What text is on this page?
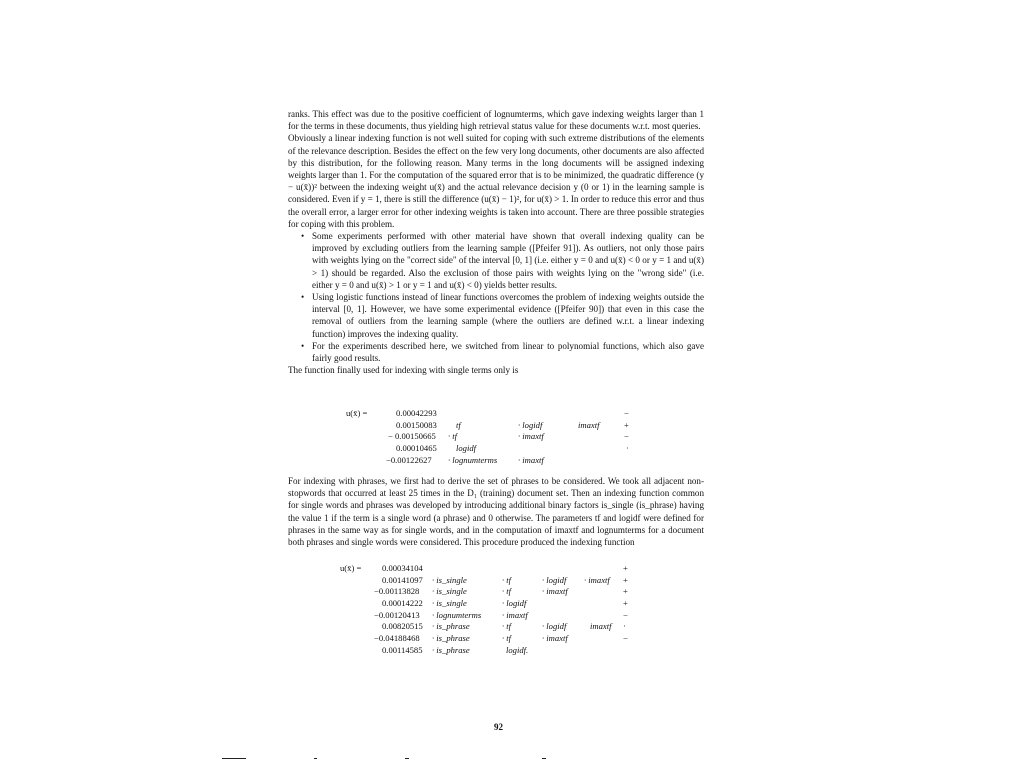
ranks. This effect was due to the positive coefficient of lognumterms, which gave indexing weights larger than 1 for the terms in these documents, thus yielding high retrieval status value for these documents w.r.t. most queries.

Obviously a linear indexing function is not well suited for coping with such extreme distributions of the elements of the relevance description. Besides the effect on the few very long documents, other documents are also affected by this distribution, for the following reason. Many terms in the long documents will be assigned indexing weights larger than 1. For the computation of the squared error that is to be minimized, the quadratic difference (y − u(x̄))² between the indexing weight u(x̄) and the actual relevance decision y (0 or 1) in the learning sample is considered. Even if y = 1, there is still the difference (u(x̄) − 1)², for u(x̄) > 1. In order to reduce this error and thus the overall error, a larger error for other indexing weights is taken into account. There are three possible strategies for coping with this problem.

• Some experiments performed with other material have shown that overall indexing quality can be improved by excluding outliers from the learning sample ([Pfeifer 91]). As outliers, not only those pairs with weights lying on the "correct side" of the interval [0, 1] (i.e. either y = 0 and u(x̄) < 0 or y = 1 and u(x̄) > 1) should be regarded. Also the exclusion of those pairs with weights lying on the "wrong side" (i.e. either y = 0 and u(x̄) > 1 or y = 1 and u(x̄) < 0) yields better results.
• Using logistic functions instead of linear functions overcomes the problem of indexing weights outside the interval [0, 1]. However, we have some experimental evidence ([Pfeifer 90]) that even in this case the removal of outliers from the learning sample (where the outliers are defined w.r.t. a linear indexing function) improves the indexing quality.
• For the experiments described here, we switched from linear to polynomial functions, which also gave fairly good results.

The function finally used for indexing with single terms only is

u(x̄) =	0.00042293	−
0.00150083 tf	· logidf	imaxtf	+
− 0.00150665 · tf	· imaxtf	−
0.00010465 logidf	·
−0.00122627 · lognumterms · imaxtf

For indexing with phrases, we first had to derive the set of phrases to be considered. We took all adjacent non-stopwords that occurred at least 25 times in the D₁ (training) document set. Then an indexing function common for single words and phrases was developed by introducing additional binary factors is_single (is_phrase) having the value 1 if the term is a single word (a phrase) and 0 otherwise. The parameters tf and logidf were defined for phrases in the same way as for single words, and in the computation of imaxtf and lognumterms for a document both phrases and single words were considered. This procedure produced the indexing function

u(x̄) = 0.00034104	+
0.00141097 · is_single	· tf	· logidf · imaxtf +
−0.00113828 · is_single	· tf	· imaxtf	+
0.00014222 · is_single	· logidf	+
−0.00120413 · lognumterms · imaxtf	−
0.00820515 · is_phrase	· tf	· logidf	imaxtf ·
−0.04188468 · is_phrase	· tf	· imaxtf	−
0.00114585 · is_phrase	logidf.
92
